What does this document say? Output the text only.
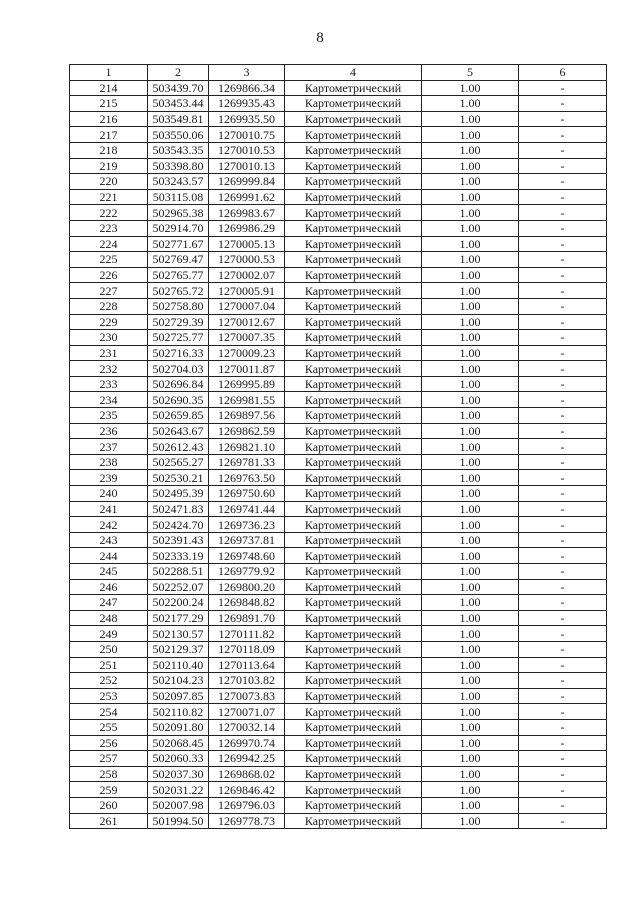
8
1	2	3	4	5	6
214	503439.70	1269866.34	Картометрический	1.00	-
215	503453.44	1269935.43	Картометрический	1.00	-
216	503549.81	1269935.50	Картометрический	1.00	-
217	503550.06	1270010.75	Картометрический	1.00	-
218	503543.35	1270010.53	Картометрический	1.00	-
219	503398.80	1270010.13	Картометрический	1.00	-
220	503243.57	1269999.84	Картометрический	1.00	-
221	503115.08	1269991.62	Картометрический	1.00	-
222	502965.38	1269983.67	Картометрический	1.00	-
223	502914.70	1269986.29	Картометрический	1.00	-
224	502771.67	1270005.13	Картометрический	1.00	-
225	502769.47	1270000.53	Картометрический	1.00	-
226	502765.77	1270002.07	Картометрический	1.00	-
227	502765.72	1270005.91	Картометрический	1.00	-
228	502758.80	1270007.04	Картометрический	1.00	-
229	502729.39	1270012.67	Картометрический	1.00	-
230	502725.77	1270007.35	Картометрический	1.00	-
231	502716.33	1270009.23	Картометрический	1.00	-
232	502704.03	1270011.87	Картометрический	1.00	-
233	502696.84	1269995.89	Картометрический	1.00	-
234	502690.35	1269981.55	Картометрический	1.00	-
235	502659.85	1269897.56	Картометрический	1.00	-
236	502643.67	1269862.59	Картометрический	1.00	-
237	502612.43	1269821.10	Картометрический	1.00	-
238	502565.27	1269781.33	Картометрический	1.00	-
239	502530.21	1269763.50	Картометрический	1.00	-
240	502495.39	1269750.60	Картометрический	1.00	-
241	502471.83	1269741.44	Картометрический	1.00	-
242	502424.70	1269736.23	Картометрический	1.00	-
243	502391.43	1269737.81	Картометрический	1.00	-
244	502333.19	1269748.60	Картометрический	1.00	-
245	502288.51	1269779.92	Картометрический	1.00	-
246	502252.07	1269800.20	Картометрический	1.00	-
247	502200.24	1269848.82	Картометрический	1.00	-
248	502177.29	1269891.70	Картометрический	1.00	-
249	502130.57	1270111.82	Картометрический	1.00	-
250	502129.37	1270118.09	Картометрический	1.00	-
251	502110.40	1270113.64	Картометрический	1.00	-
252	502104.23	1270103.82	Картометрический	1.00	-
253	502097.85	1270073.83	Картометрический	1.00	-
254	502110.82	1270071.07	Картометрический	1.00	-
255	502091.80	1270032.14	Картометрический	1.00	-
256	502068.45	1269970.74	Картометрический	1.00	-
257	502060.33	1269942.25	Картометрический	1.00	-
258	502037.30	1269868.02	Картометрический	1.00	-
259	502031.22	1269846.42	Картометрический	1.00	-
260	502007.98	1269796.03	Картометрический	1.00	-
261	501994.50	1269778.73	Картометрический	1.00	-
